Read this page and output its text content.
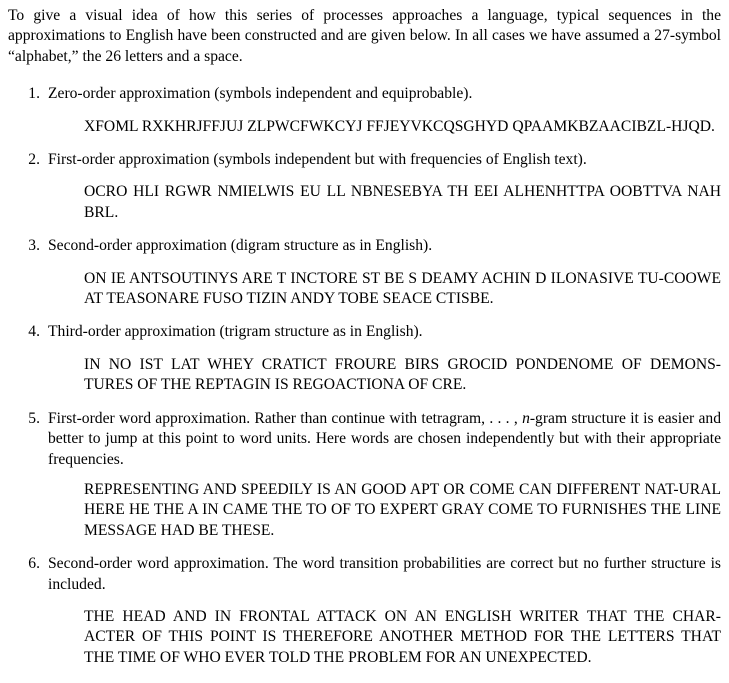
To give a visual idea of how this series of processes approaches a language, typical sequences in the approximations to English have been constructed and are given below. In all cases we have assumed a 27-symbol “alphabet,” the 26 letters and a space.

1. Zero-order approximation (symbols independent and equiprobable).

XFOML RXKHRJFFJUJ ZLPWCFWKCYJ FFJEYVKCQSGHYD QPAAMKBZAACIBZL-HJQD.

2. First-order approximation (symbols independent but with frequencies of English text).

OCRO HLI RGWR NMIELWIS EU LL NBNESEBYA TH EEI ALHENHTTPA OOBTTVA NAH BRL.

3. Second-order approximation (digram structure as in English).

ON IE ANTSOUTINYS ARE T INCTORE ST BE S DEAMY ACHIN D ILONASIVE TU-COOWE AT TEASONARE FUSO TIZIN ANDY TOBE SEACE CTISBE.

4. Third-order approximation (trigram structure as in English).

IN NO IST LAT WHEY CRATICT FROURE BIRS GROCID PONDENOME OF DEMONS-TURES OF THE REPTAGIN IS REGOACTIONA OF CRE.

5. First-order word approximation. Rather than continue with tetragram, . . . , n-gram structure it is easier and better to jump at this point to word units. Here words are chosen independently but with their appropriate frequencies.

REPRESENTING AND SPEEDILY IS AN GOOD APT OR COME CAN DIFFERENT NAT-URAL HERE HE THE A IN CAME THE TO OF TO EXPERT GRAY COME TO FURNISHES THE LINE MESSAGE HAD BE THESE.

6. Second-order word approximation. The word transition probabilities are correct but no further structure is included.

THE HEAD AND IN FRONTAL ATTACK ON AN ENGLISH WRITER THAT THE CHAR-ACTER OF THIS POINT IS THEREFORE ANOTHER METHOD FOR THE LETTERS THAT THE TIME OF WHO EVER TOLD THE PROBLEM FOR AN UNEXPECTED.
